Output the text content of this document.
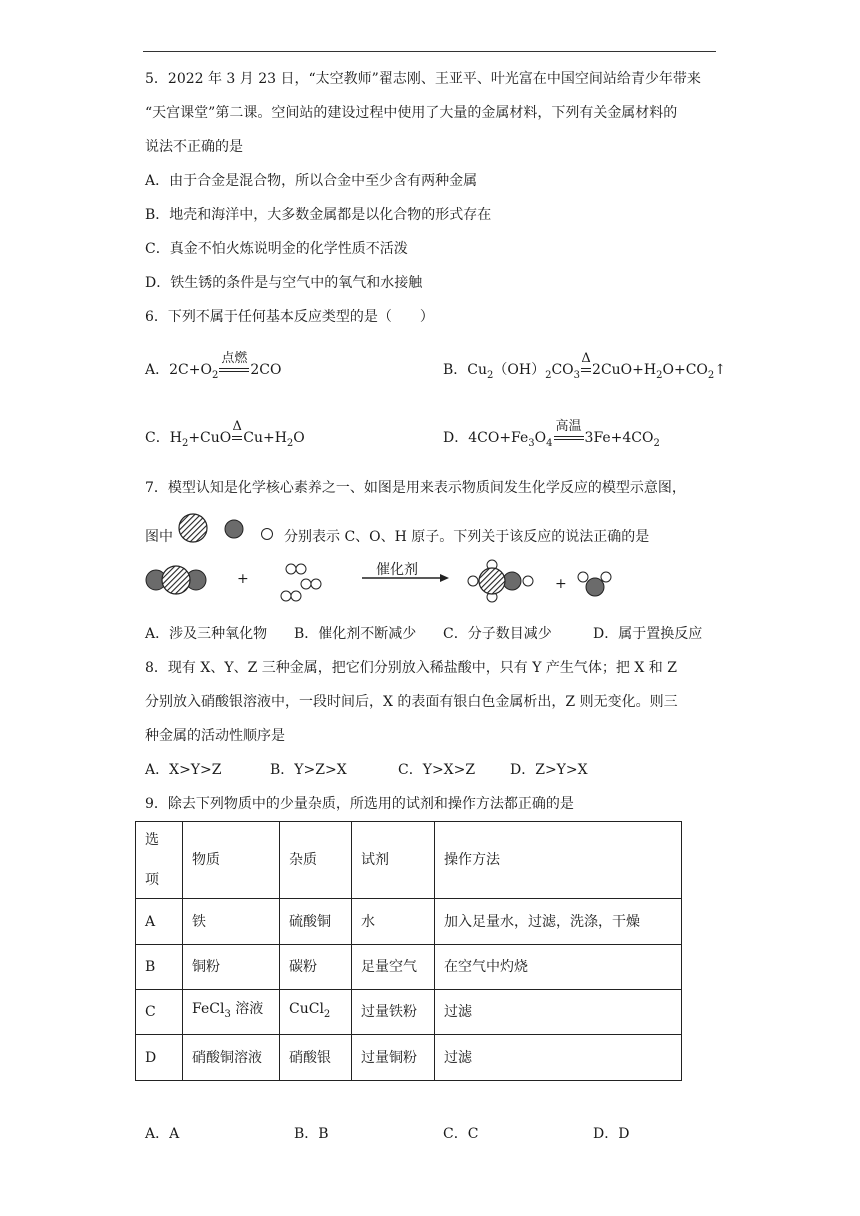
5．2022 年 3 月 23 日，“太空教师”翟志刚、王亚平、叶光富在中国空间站给青少年带来
“天宫课堂”第二课。空间站的建设过程中使用了大量的金属材料，下列有关金属材料的
说法不正确的是
A．由于合金是混合物，所以合金中至少含有两种金属
B．地壳和海洋中，大多数金属都是以化合物的形式存在
C．真金不怕火炼说明金的化学性质不活泼
D．铁生锈的条件是与空气中的氧气和水接触
6．下列不属于任何基本反应类型的是（　　）
A．$2C+O_2$
点燃
2CO	B．$Cu_2(OH)_2CO_3$
Δ
$2CuO+H_2O+CO_2↑$
C．$H_2+CuO$
Δ
$Cu+H_2O$	D．$4CO+Fe_3O_4$
高温
$3Fe+4CO_2$
7．模型认知是化学核心素养之一、如图是用来表示物质间发生化学反应的模型示意图，
图中	分别表示 C、O、H 原子。下列关于该反应的说法正确的是
+	+
催化剂
A．涉及三种氧化物 B．催化剂不断减少 C．分子数目减少	D．属于置换反应
8．现有 X、Y、Z 三种金属，把它们分别放入稀盐酸中，只有 Y 产生气体；把 X 和 Z
分别放入硝酸银溶液中，一段时间后，X 的表面有银白色金属析出，Z 则无变化。则三
种金属的活动性顺序是
A．X>Y>Z	B．Y>Z>X	C．Y>X>Z D．Z>Y>X
9．除去下列物质中的少量杂质，所选用的试剂和操作方法都正确的是
选

项	物质	杂质	试剂	操作方法
A	铁	硫酸铜	水	加入足量水，过滤，洗涤，干燥
B	铜粉	碳粉	足量空气	在空气中灼烧
C	FeCl$_3$ 溶液	CuCl$_2$	过量铁粉	过滤
D	硝酸铜溶液	硝酸银	过量铜粉	过滤
A．A	B．B	C．C	D．D
